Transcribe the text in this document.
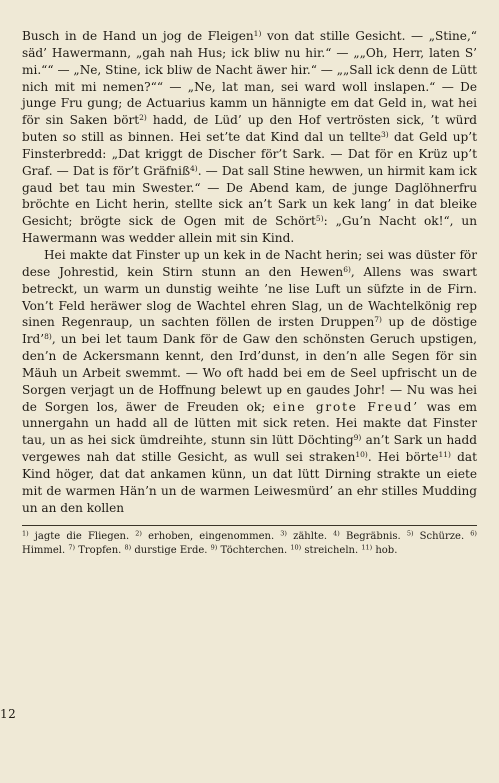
Busch in de Hand un jog de Fleigen$^{1)}$ von dat stille Gesicht. — „Stine,“ säd’ Hawermann, „gah nah Hus; ick bliw nu hir.“ — „„Oh, Herr, laten S’ mi.““ — „Ne, Stine, ick bliw de Nacht äwer hir.“ — „„Sall ick denn de Lütt nich mit mi nemen?““ — „Ne, lat man, sei ward woll inslapen.“ — De junge Fru gung; de Actuarius kamm un hännigte em dat Geld in, wat hei för sin Saken bört$^{2)}$ hadd, de Lüd’ up den Hof vertrösten sick, ’t würd buten so still as binnen. Hei set’te dat Kind dal un tellte$^{3)}$ dat Geld up’t Finsterbredd: „Dat kriggt de Discher för’t Sark. — Dat för en Krüz up’t Graf. — Dat is för’t Gräfniß$^{4)}$. — Dat sall Stine hewwen, un hirmit kam ick gaud bet tau min Swester.“ — De Abend kam, de junge Daglöhnerfru bröchte en Licht herin, stellte sick an’t Sark un kek lang’ in dat bleike Gesicht; brögte sick de Ogen mit de Schört$^{5)}$: „Gu’n Nacht ok!“, un Hawermann was wedder allein mit sin Kind.

Hei makte dat Finster up un kek in de Nacht herin; sei was düster för dese Johrestid, kein Stirn stunn an den Hewen$^{6)}$, Allens was swart betreckt, un warm un dunstig weihte ’ne lise Luft un süfzte in de Firn. Von’t Feld heräwer slog de Wachtel ehren Slag, un de Wachtelkönig rep sinen Regenraup, un sachten föllen de irsten Druppen$^{7)}$ up de döstige Ird’$^{8)}$, un bei let taum Dank för de Gaw den schönsten Geruch upstigen, den’n de Ackersmann kennt, den Ird’dunst, in den’n alle Segen för sin Mäuh un Arbeit swemmt. — Wo oft hadd bei em de Seel upfrischt un de Sorgen verjagt un de Hoffnung belewt up en gaudes Johr! — Nu was hei de Sorgen los, äwer de Freuden ok; eine grote Freud’ was em unnergahn un hadd all de lütten mit sick reten. Hei makte dat Finster tau, un as hei sick ümdreihte, stunn sin lütt Döchting$^{9)}$ an’t Sark un hadd vergewes nah dat stille Gesicht, as wull sei straken$^{10)}$. Hei börte$^{11)}$ dat Kind höger, dat dat ankamen künn, un dat lütt Dirning strakte un eiete mit de warmen Hän’n un de warmen Leiwesmürd’ an ehr stilles Mudding un an den kollen

$^{1)}$ jagte die Fliegen. $^{2)}$ erhoben, eingenommen. $^{3)}$ zählte. $^{4)}$ Begräbnis. $^{5)}$ Schürze. $^{6)}$ Himmel. $^{7)}$ Tropfen. $^{8)}$ durstige Erde. $^{9)}$ Töchterchen. $^{10)}$ streicheln. $^{11)}$ hob.
12
